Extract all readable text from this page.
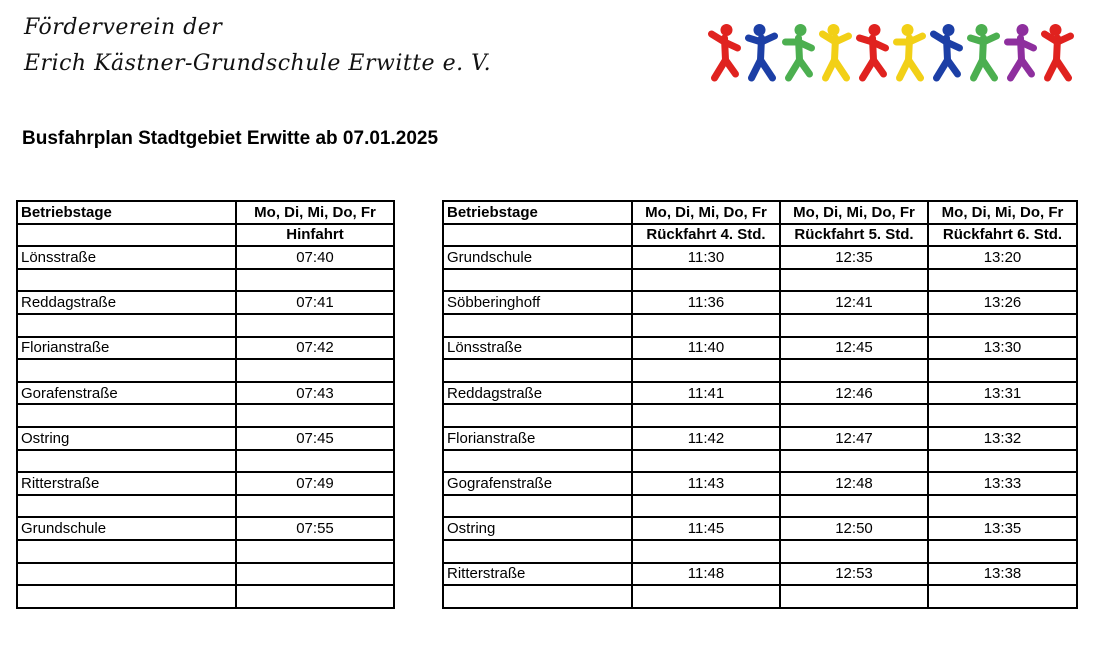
Förderverein der
Erich Kästner-Grundschule Erwitte e. V.
Busfahrplan Stadtgebiet Erwitte ab 07.01.2025
Betriebstage	Mo, Di, Mi, Do, Fr
	Hinfahrt
Lönsstraße	07:40

Reddagstraße	07:41

Florianstraße	07:42

Gorafenstraße	07:43

Ostring	07:45

Ritterstraße	07:49

Grundschule	07:55

Betriebstage	Mo, Di, Mi, Do, Fr	Mo, Di, Mi, Do, Fr	Mo, Di, Mi, Do, Fr
	Rückfahrt 4. Std.	Rückfahrt 5. Std.	Rückfahrt 6. Std.
Grundschule	11:30	12:35	13:20

Söbberinghoff	11:36	12:41	13:26

Lönsstraße	11:40	12:45	13:30

Reddagstraße	11:41	12:46	13:31

Florianstraße	11:42	12:47	13:32

Gografenstraße	11:43	12:48	13:33

Ostring	11:45	12:50	13:35

Ritterstraße	11:48	12:53	13:38
